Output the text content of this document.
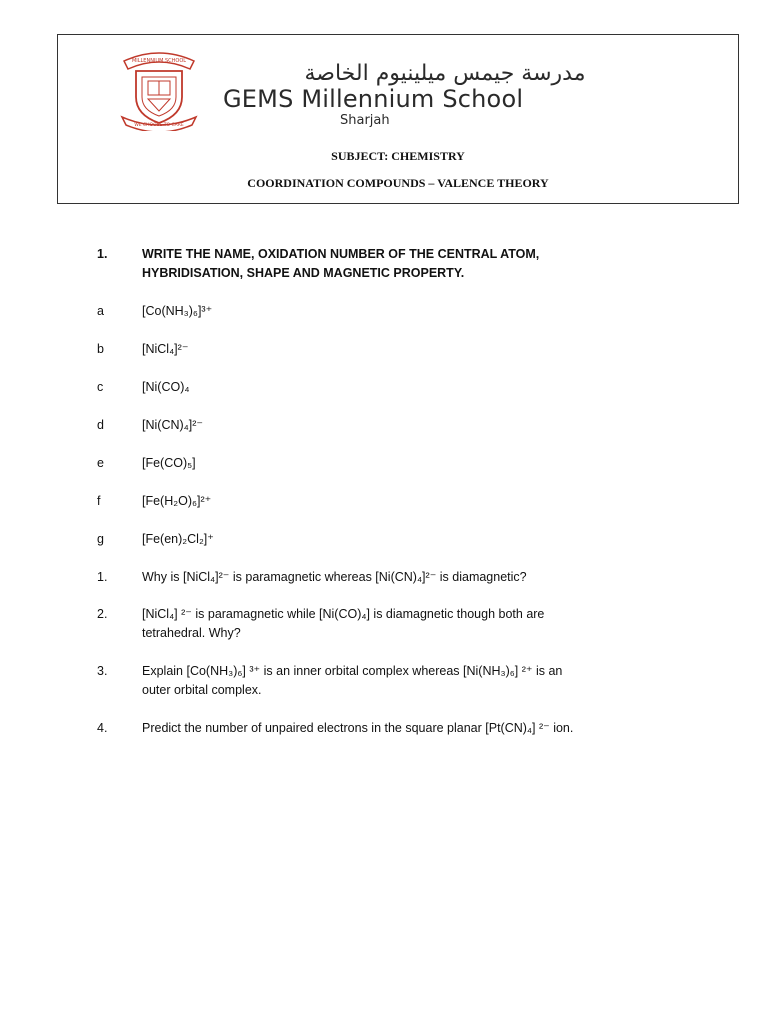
MILLENNIUM SCHOOL
WE CHOOSE TO CARE
مدرسة جيمس ميلينيوم الخاصة
GEMS Millennium School
Sharjah
SUBJECT: CHEMISTRY
COORDINATION COMPOUNDS – VALENCE THEORY
1.	WRITE THE NAME, OXIDATION NUMBER OF THE CENTRAL ATOM,
HYBRIDISATION, SHAPE AND MAGNETIC PROPERTY.
a	[Co(NH₃)₆]³⁺
b	[NiCl₄]²⁻
c	[Ni(CO)₄
d	[Ni(CN)₄]²⁻
e	[Fe(CO)₅]
f	[Fe(H₂O)₆]²⁺
g	[Fe(en)₂Cl₂]⁺
1.	Why is [NiCl₄]²⁻ is paramagnetic whereas [Ni(CN)₄]²⁻ is diamagnetic?
2.	[NiCl₄] ²⁻ is paramagnetic while [Ni(CO)₄] is diamagnetic though both are
tetrahedral. Why?
3.	Explain [Co(NH₃)₆] ³⁺ is an inner orbital complex whereas [Ni(NH₃)₆] ²⁺ is an
outer orbital complex.
4.	Predict the number of unpaired electrons in the square planar [Pt(CN)₄] ²⁻ ion.
